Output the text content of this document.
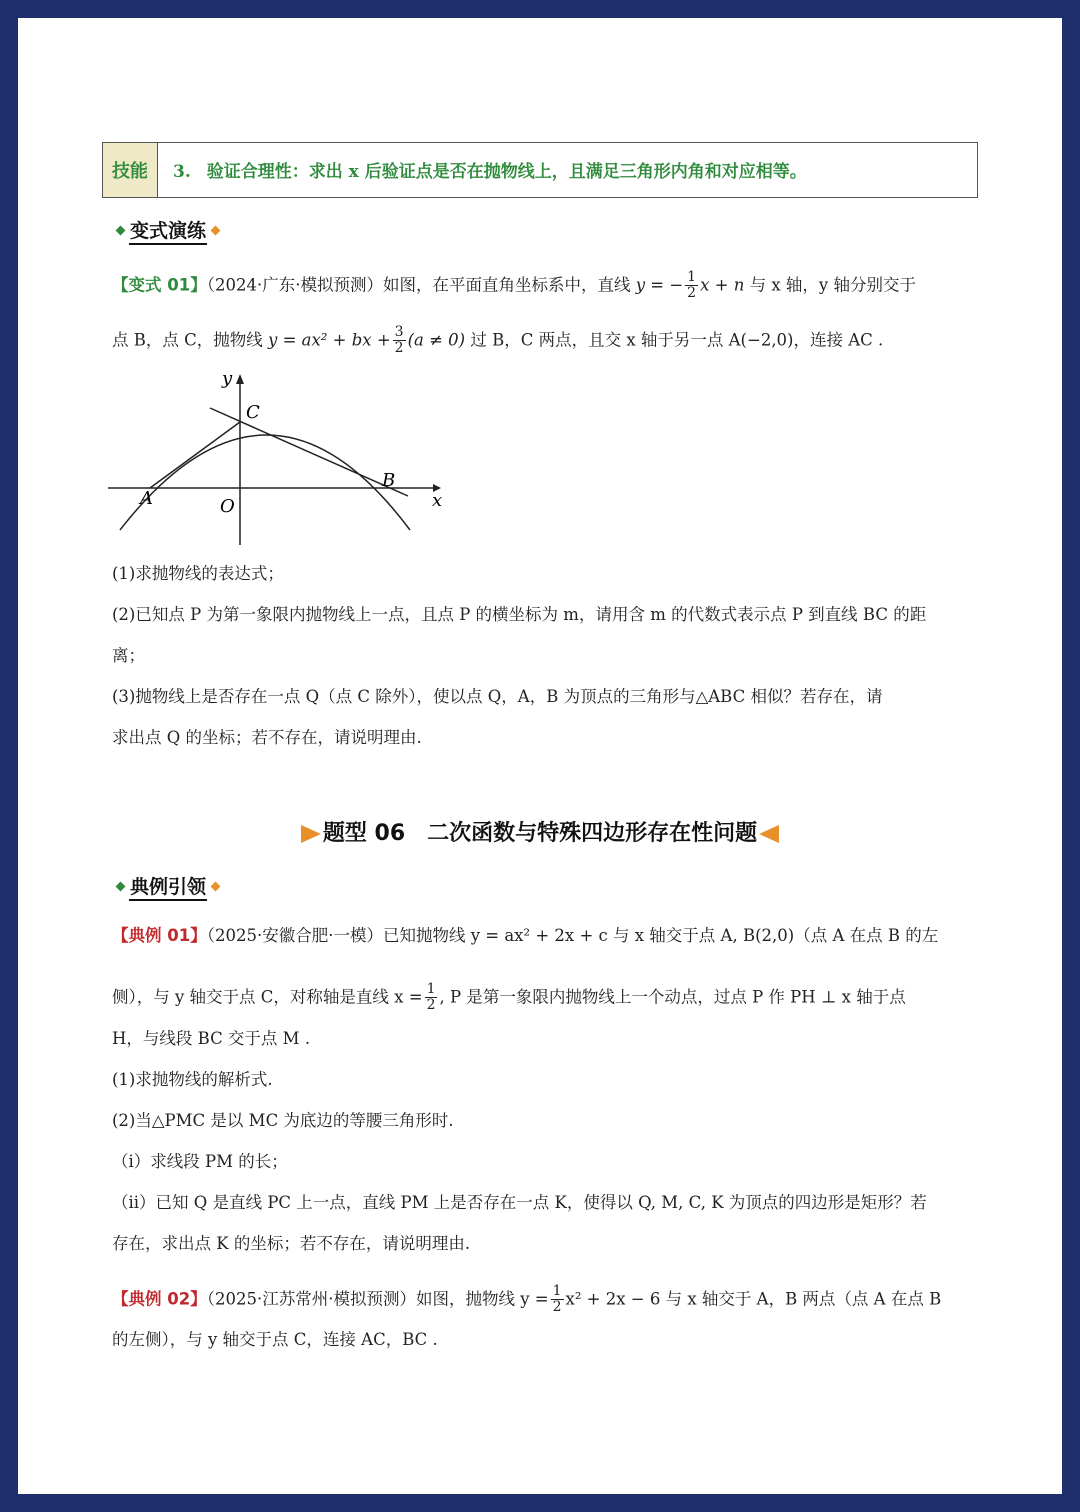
技能	3. 验证合理性：求出 x 后验证点是否在抛物线上，且满足三角形内角和对应相等。
变式演练
【变式 01】（2024·广东·模拟预测）如图，在平面直角坐标系中，直线 y = − $\frac{1}{2}$ x + n 与 x 轴，y 轴分别交于
点 B，点 C，抛物线 y = ax² + bx + $\frac{3}{2} (a \ne 0)$ 过 B，C 两点，且交 x 轴于另一点 A(−2,0)，连接 AC .
y
x
C
A	O
B
(1)求抛物线的表达式；
(2)已知点 P 为第一象限内抛物线上一点，且点 P 的横坐标为 m，请用含 m 的代数式表示点 P 到直线 BC 的距
离；
(3)抛物线上是否存在一点 Q（点 C 除外），使以点 Q，A，B 为顶点的三角形与△ABC 相似？若存在，请
求出点 Q 的坐标；若不存在，请说明理由.
题型 06　二次函数与特殊四边形存在性问题
典例引领
【典例 01】（2025·安徽合肥·一模）已知抛物线 y = ax² + 2x + c 与 x 轴交于点 A, B(2,0)（点 A 在点 B 的左
侧），与 y 轴交于点 C，对称轴是直线 $x = \frac{1}{2}$ , P 是第一象限内抛物线上一个动点，过点 P 作 PH ⊥ x 轴于点
H，与线段 BC 交于点 M .
(1)求抛物线的解析式.
(2)当△PMC 是以 MC 为底边的等腰三角形时.
（i）求线段 PM 的长；
（ii）已知 Q 是直线 PC 上一点，直线 PM 上是否存在一点 K，使得以 Q, M, C, K 为顶点的四边形是矩形？若
存在，求出点 K 的坐标；若不存在，请说明理由.
【典例 02】（2025·江苏常州·模拟预测）如图，抛物线 $y = \frac{1}{2} x^2 + 2x - 6$ 与 x 轴交于 A，B 两点（点 A 在点 B
的左侧），与 y 轴交于点 C，连接 AC，BC .
